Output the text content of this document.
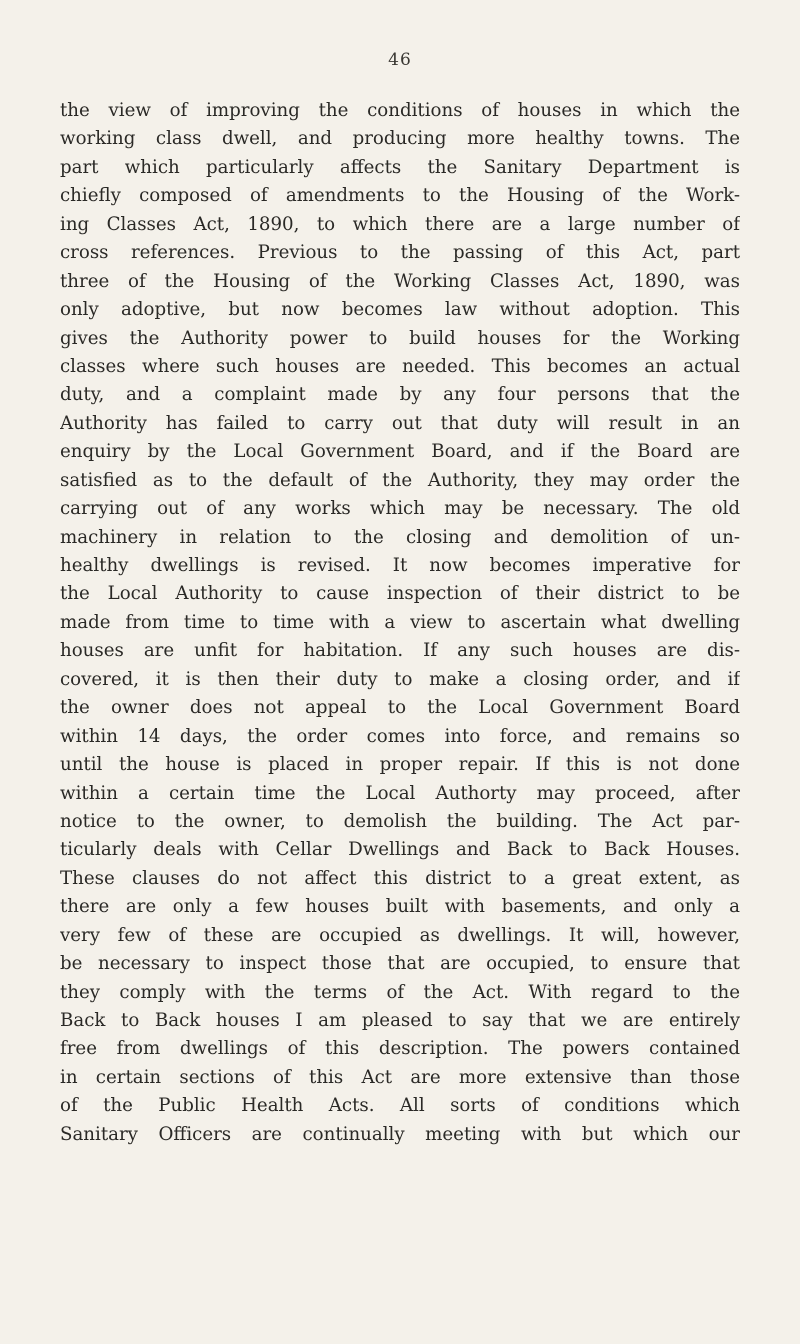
46
the view of improving the conditions of houses in which the
working class dwell, and producing more healthy towns. The
part which particularly affects the Sanitary Department is
chiefly composed of amendments to the Housing of the Work-
ing Classes Act, 1890, to which there are a large number of
cross references. Previous to the passing of this Act, part
three of the Housing of the Working Classes Act, 1890, was
only adoptive, but now becomes law without adoption. This
gives the Authority power to build houses for the Working
classes where such houses are needed. This becomes an actual
duty, and a complaint made by any four persons that the
Authority has failed to carry out that duty will result in an
enquiry by the Local Government Board, and if the Board are
satisfied as to the default of the Authority, they may order the
carrying out of any works which may be necessary. The old
machinery in relation to the closing and demolition of un-
healthy dwellings is revised. It now becomes imperative for
the Local Authority to cause inspection of their district to be
made from time to time with a view to ascertain what dwelling
houses are unfit for habitation. If any such houses are dis-
covered, it is then their duty to make a closing order, and if
the owner does not appeal to the Local Government Board
within 14 days, the order comes into force, and remains so
until the house is placed in proper repair. If this is not done
within a certain time the Local Authorty may proceed, after
notice to the owner, to demolish the building. The Act par-
ticularly deals with Cellar Dwellings and Back to Back Houses.
These clauses do not affect this district to a great extent, as
there are only a few houses built with basements, and only a
very few of these are occupied as dwellings. It will, however,
be necessary to inspect those that are occupied, to ensure that
they comply with the terms of the Act. With regard to the
Back to Back houses I am pleased to say that we are entirely
free from dwellings of this description. The powers contained
in certain sections of this Act are more extensive than those
of the Public Health Acts. All sorts of conditions which
Sanitary Officers are continually meeting with but which our
